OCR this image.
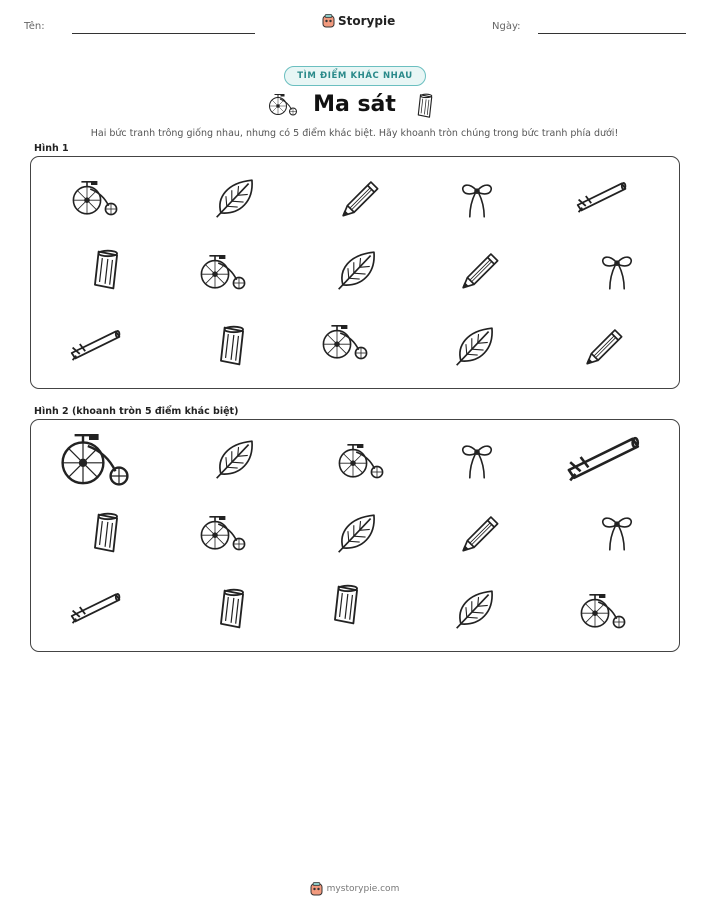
Tên:	Storypie	Ngày:
TÌM ĐIỂM KHÁC NHAU
Ma sát
Hai bức tranh trông giống nhau, nhưng có 5 điểm khác biệt. Hãy khoanh tròn chúng trong bức tranh phía dưới!
Hình 1
Hình 2 (khoanh tròn 5 điểm khác biệt)
mystorypie.com
